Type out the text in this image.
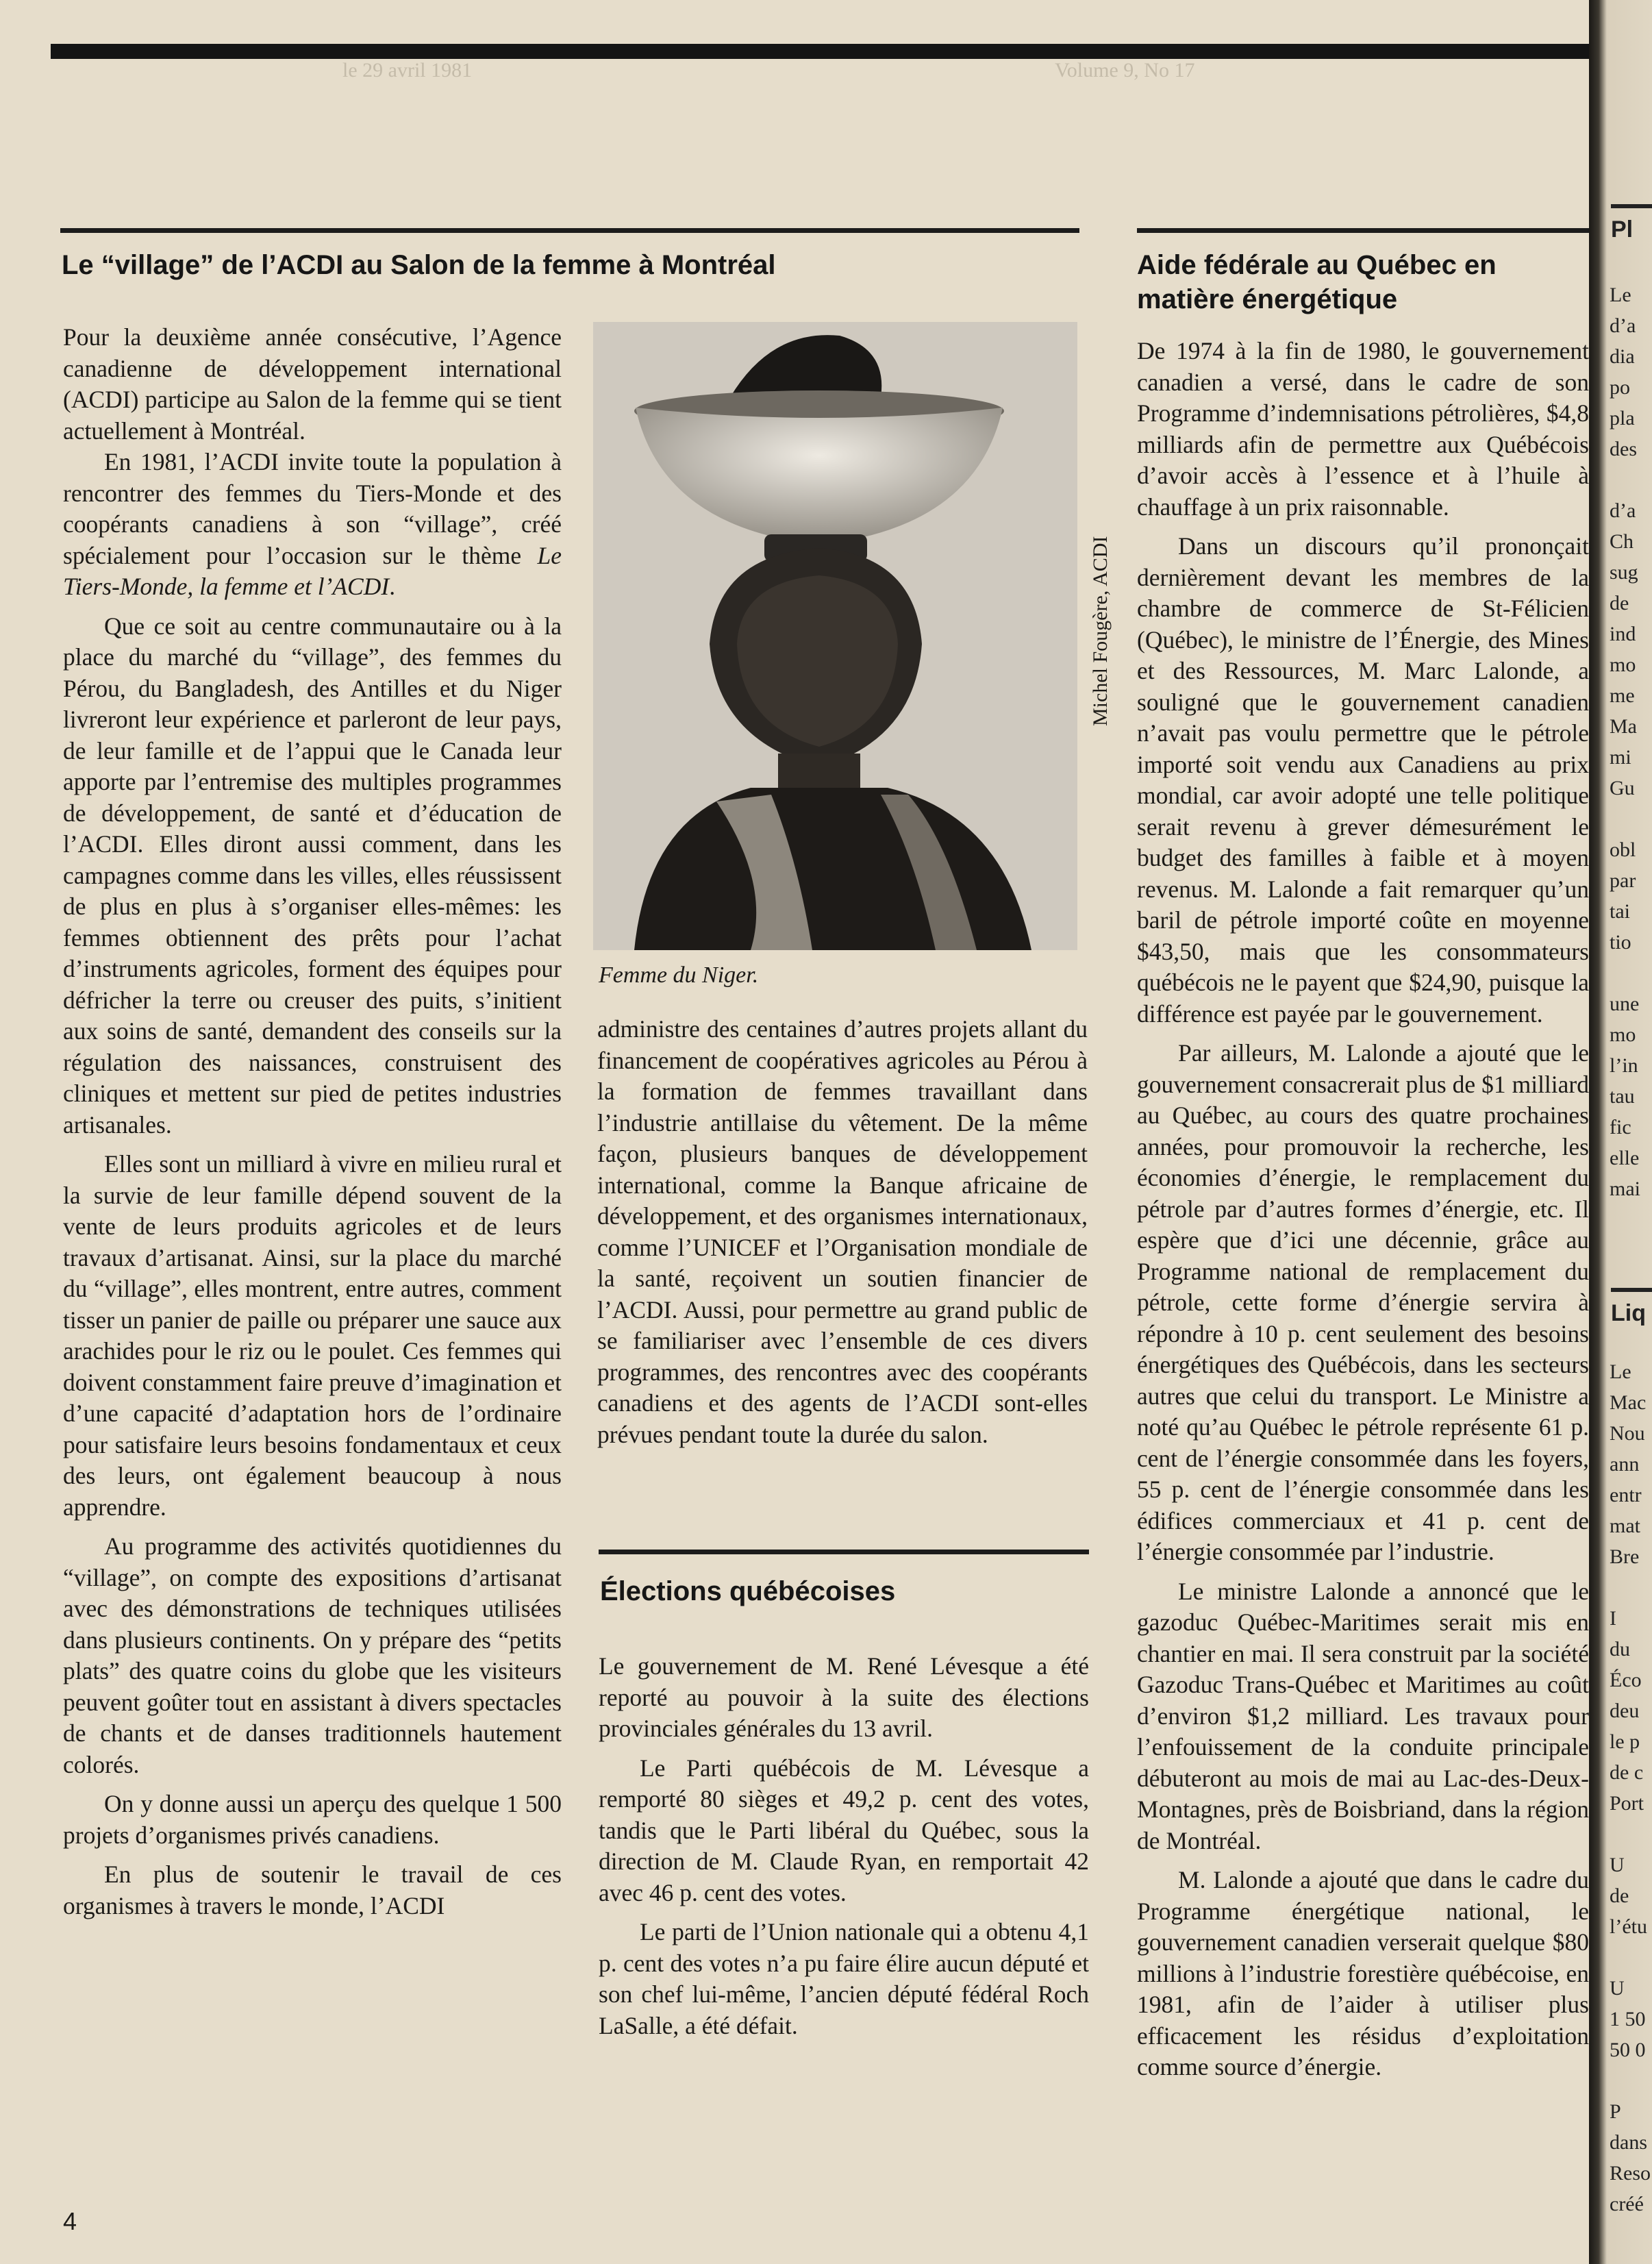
le 29 avril 1981	Volume 9, No 17
Le “village” de l’ACDI au Salon de la femme à Montréal

Pour la deuxième année consécutive, l’Agence canadienne de développement international (ACDI) participe au Salon de la femme qui se tient actuellement à Montréal.

En 1981, l’ACDI invite toute la population à rencontrer des femmes du Tiers-Monde et des coopérants canadiens à son “village”, créé spécialement pour l’occasion sur le thème Le Tiers-Monde, la femme et l’ACDI.

Que ce soit au centre communautaire ou à la place du marché du “village”, des femmes du Pérou, du Bangladesh, des Antilles et du Niger livreront leur expérience et parleront de leur pays, de leur famille et de l’appui que le Canada leur apporte par l’entremise des multiples programmes de développement, de santé et d’éducation de l’ACDI. Elles diront aussi comment, dans les campagnes comme dans les villes, elles réussissent de plus en plus à s’organiser elles-mêmes: les femmes obtiennent des prêts pour l’achat d’instruments agricoles, forment des équipes pour défricher la terre ou creuser des puits, s’initient aux soins de santé, demandent des conseils sur la régulation des naissances, construisent des cliniques et mettent sur pied de petites industries artisanales.

Elles sont un milliard à vivre en milieu rural et la survie de leur famille dépend souvent de la vente de leurs produits agricoles et de leurs travaux d’artisanat. Ainsi, sur la place du marché du “village”, elles montrent, entre autres, comment tisser un panier de paille ou préparer une sauce aux arachides pour le riz ou le poulet. Ces femmes qui doivent constamment faire preuve d’imagination et d’une capacité d’adaptation hors de l’ordinaire pour satisfaire leurs besoins fondamentaux et ceux des leurs, ont également beaucoup à nous apprendre.

Au programme des activités quotidiennes du “village”, on compte des expositions d’artisanat avec des démonstrations de techniques utilisées dans plusieurs continents. On y prépare des “petits plats” des quatre coins du globe que les visiteurs peuvent goûter tout en assistant à divers spectacles de chants et de danses traditionnels hautement colorés.

On y donne aussi un aperçu des quelque 1 500 projets d’organismes privés canadiens.

En plus de soutenir le travail de ces organismes à travers le monde, l’ACDI

Femme du Niger.
Michel Fougère, ACDI

administre des centaines d’autres projets allant du financement de coopératives agricoles au Pérou à la formation de femmes travaillant dans l’industrie antillaise du vêtement. De la même façon, plusieurs banques de développement international, comme la Banque africaine de développement, et des organismes internationaux, comme l’UNICEF et l’Organisation mondiale de la santé, reçoivent un soutien financier de l’ACDI. Aussi, pour permettre au grand public de se familiariser avec l’ensemble de ces divers programmes, des rencontres avec des coopérants canadiens et des agents de l’ACDI sont-elles prévues pendant toute la durée du salon.

Élections québécoises

Le gouvernement de M. René Lévesque a été reporté au pouvoir à la suite des élections provinciales générales du 13 avril.

Le Parti québécois de M. Lévesque a remporté 80 sièges et 49,2 p. cent des votes, tandis que le Parti libéral du Québec, sous la direction de M. Claude Ryan, en remportait 42 avec 46 p. cent des votes.

Le parti de l’Union nationale qui a obtenu 4,1 p. cent des votes n’a pu faire élire aucun député et son chef lui-même, l’ancien député fédéral Roch LaSalle, a été défait.

Aide fédérale au Québec en matière énergétique

De 1974 à la fin de 1980, le gouvernement canadien a versé, dans le cadre de son Programme d’indemnisations pétrolières, $4,8 milliards afin de permettre aux Québécois d’avoir accès à l’essence et à l’huile à chauffage à un prix raisonnable.

Dans un discours qu’il prononçait dernièrement devant les membres de la chambre de commerce de St-Félicien (Québec), le ministre de l’Énergie, des Mines et des Ressources, M. Marc Lalonde, a souligné que le gouvernement canadien n’avait pas voulu permettre que le pétrole importé soit vendu aux Canadiens au prix mondial, car avoir adopté une telle politique serait revenu à grever démesurément le budget des familles à faible et à moyen revenus. M. Lalonde a fait remarquer qu’un baril de pétrole importé coûte en moyenne $43,50, mais que les consommateurs québécois ne le payent que $24,90, puisque la différence est payée par le gouvernement.

Par ailleurs, M. Lalonde a ajouté que le gouvernement consacrerait plus de $1 milliard au Québec, au cours des quatre prochaines années, pour promouvoir la recherche, les économies d’énergie, le remplacement du pétrole par d’autres formes d’énergie, etc. Il espère que d’ici une décennie, grâce au Programme national de remplacement du pétrole, cette forme d’énergie servira à répondre à 10 p. cent seulement des besoins énergétiques des Québécois, dans les secteurs autres que celui du transport. Le Ministre a noté qu’au Québec le pétrole représente 61 p. cent de l’énergie consommée dans les foyers, 55 p. cent de l’énergie consommée dans les édifices commerciaux et 41 p. cent de l’énergie consommée par l’industrie.

Le ministre Lalonde a annoncé que le gazoduc Québec-Maritimes serait mis en chantier en mai. Il sera construit par la société Gazoduc Trans-Québec et Maritimes au coût d’environ $1,2 milliard. Les travaux pour l’enfouissement de la conduite principale débuteront au mois de mai au Lac-des-Deux-Montagnes, près de Boisbriand, dans la région de Montréal.

M. Lalonde a ajouté que dans le cadre du Programme énergétique national, le gouvernement canadien verserait quelque $80 millions à l’industrie forestière québécoise, en 1981, afin de l’aider à utiliser plus efficacement les résidus d’exploitation comme source d’énergie.

4
Pl
Le
d’a
dia
po
pla
des
d’a
Ch
sug
de
ind
mo
me
Ma
mi
Gu
obl
par
tai
tio
une
mo
l’in
tau
fic
elle
mai
Liq
Le
Mac
Nou
ann
entr
mat
Bre
I
du
Éco
deu
le p
de c
Port
U
de
l’étu
U
1 50
50 0
P
dans
Reso
créé
